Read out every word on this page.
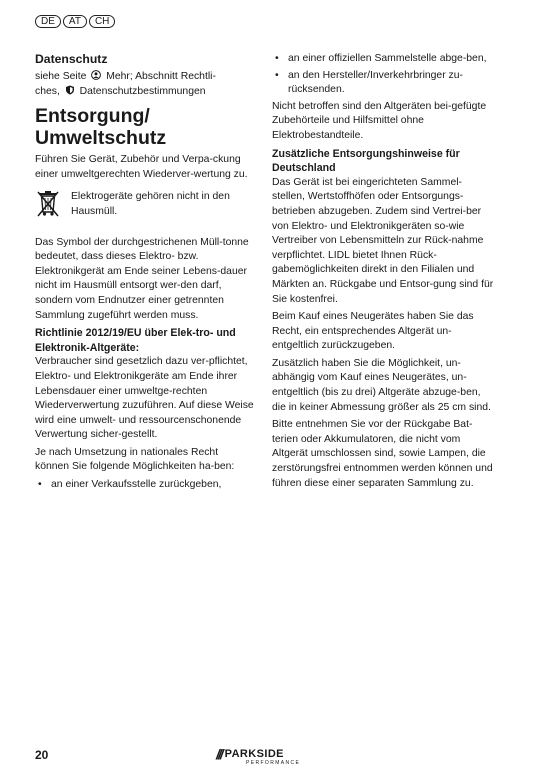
DE	AT	CH
Datenschutz

siehe Seite Mehr; Abschnitt Rechtli-
ches, Datenschutzbestimmungen

Entsorgung/
Umweltschutz

Führen Sie Gerät, Zubehör und Verpa-ckung einer umweltgerechten Wiederver-wertung zu.

Elektrogeräte gehören nicht in den Hausmüll.

Das Symbol der durchgestrichenen Müll-tonne bedeutet, dass dieses Elektro- bzw. Elektronikgerät am Ende seiner Lebens-dauer nicht im Hausmüll entsorgt wer-den darf, sondern vom Endnutzer einer getrennten Sammlung zugeführt werden muss.

Richtlinie 2012/19/EU über Elek-tro- und Elektronik-Altgeräte:

Verbraucher sind gesetzlich dazu ver-pflichtet, Elektro- und Elektronikgeräte am Ende ihrer Lebensdauer einer umweltge-rechten Wiederverwertung zuzuführen. Auf diese Weise wird eine umwelt- und ressourcenschonende Verwertung sicher-gestellt.

Je nach Umsetzung in nationales Recht können Sie folgende Möglichkeiten ha-ben:

• an einer Verkaufsstelle zurückgeben,
• an einer offiziellen Sammelstelle abge-ben,
• an den Hersteller/Inverkehrbringer zu-rücksenden.

Nicht betroffen sind den Altgeräten bei-gefügte Zubehörteile und Hilfsmittel ohne Elektrobestandteile.

Zusätzliche Entsorgungshinweise für Deutschland

Das Gerät ist bei eingerichteten Sammel-stellen, Wertstoffhöfen oder Entsorgungs-betrieben abzugeben. Zudem sind Vertrei-ber von Elektro- und Elektronikgeräten so-wie Vertreiber von Lebensmitteln zur Rück-nahme verpflichtet. LIDL bietet Ihnen Rück-gabemöglichkeiten direkt in den Filialen und Märkten an. Rückgabe und Entsor-gung sind für Sie kostenfrei.

Beim Kauf eines Neugerätes haben Sie das Recht, ein entsprechendes Altgerät un-entgeltlich zurückzugeben.

Zusätzlich haben Sie die Möglichkeit, un-abhängig vom Kauf eines Neugerätes, un-entgeltlich (bis zu drei) Altgeräte abzuge-ben, die in keiner Abmessung größer als 25 cm sind.

Bitte entnehmen Sie vor der Rückgabe Bat-terien oder Akkumulatoren, die nicht vom Altgerät umschlossen sind, sowie Lampen, die zerstörungsfrei entnommen werden können und führen diese einer separaten Sammlung zu.

20	/// PARKSIDE
PERFORMANCE
